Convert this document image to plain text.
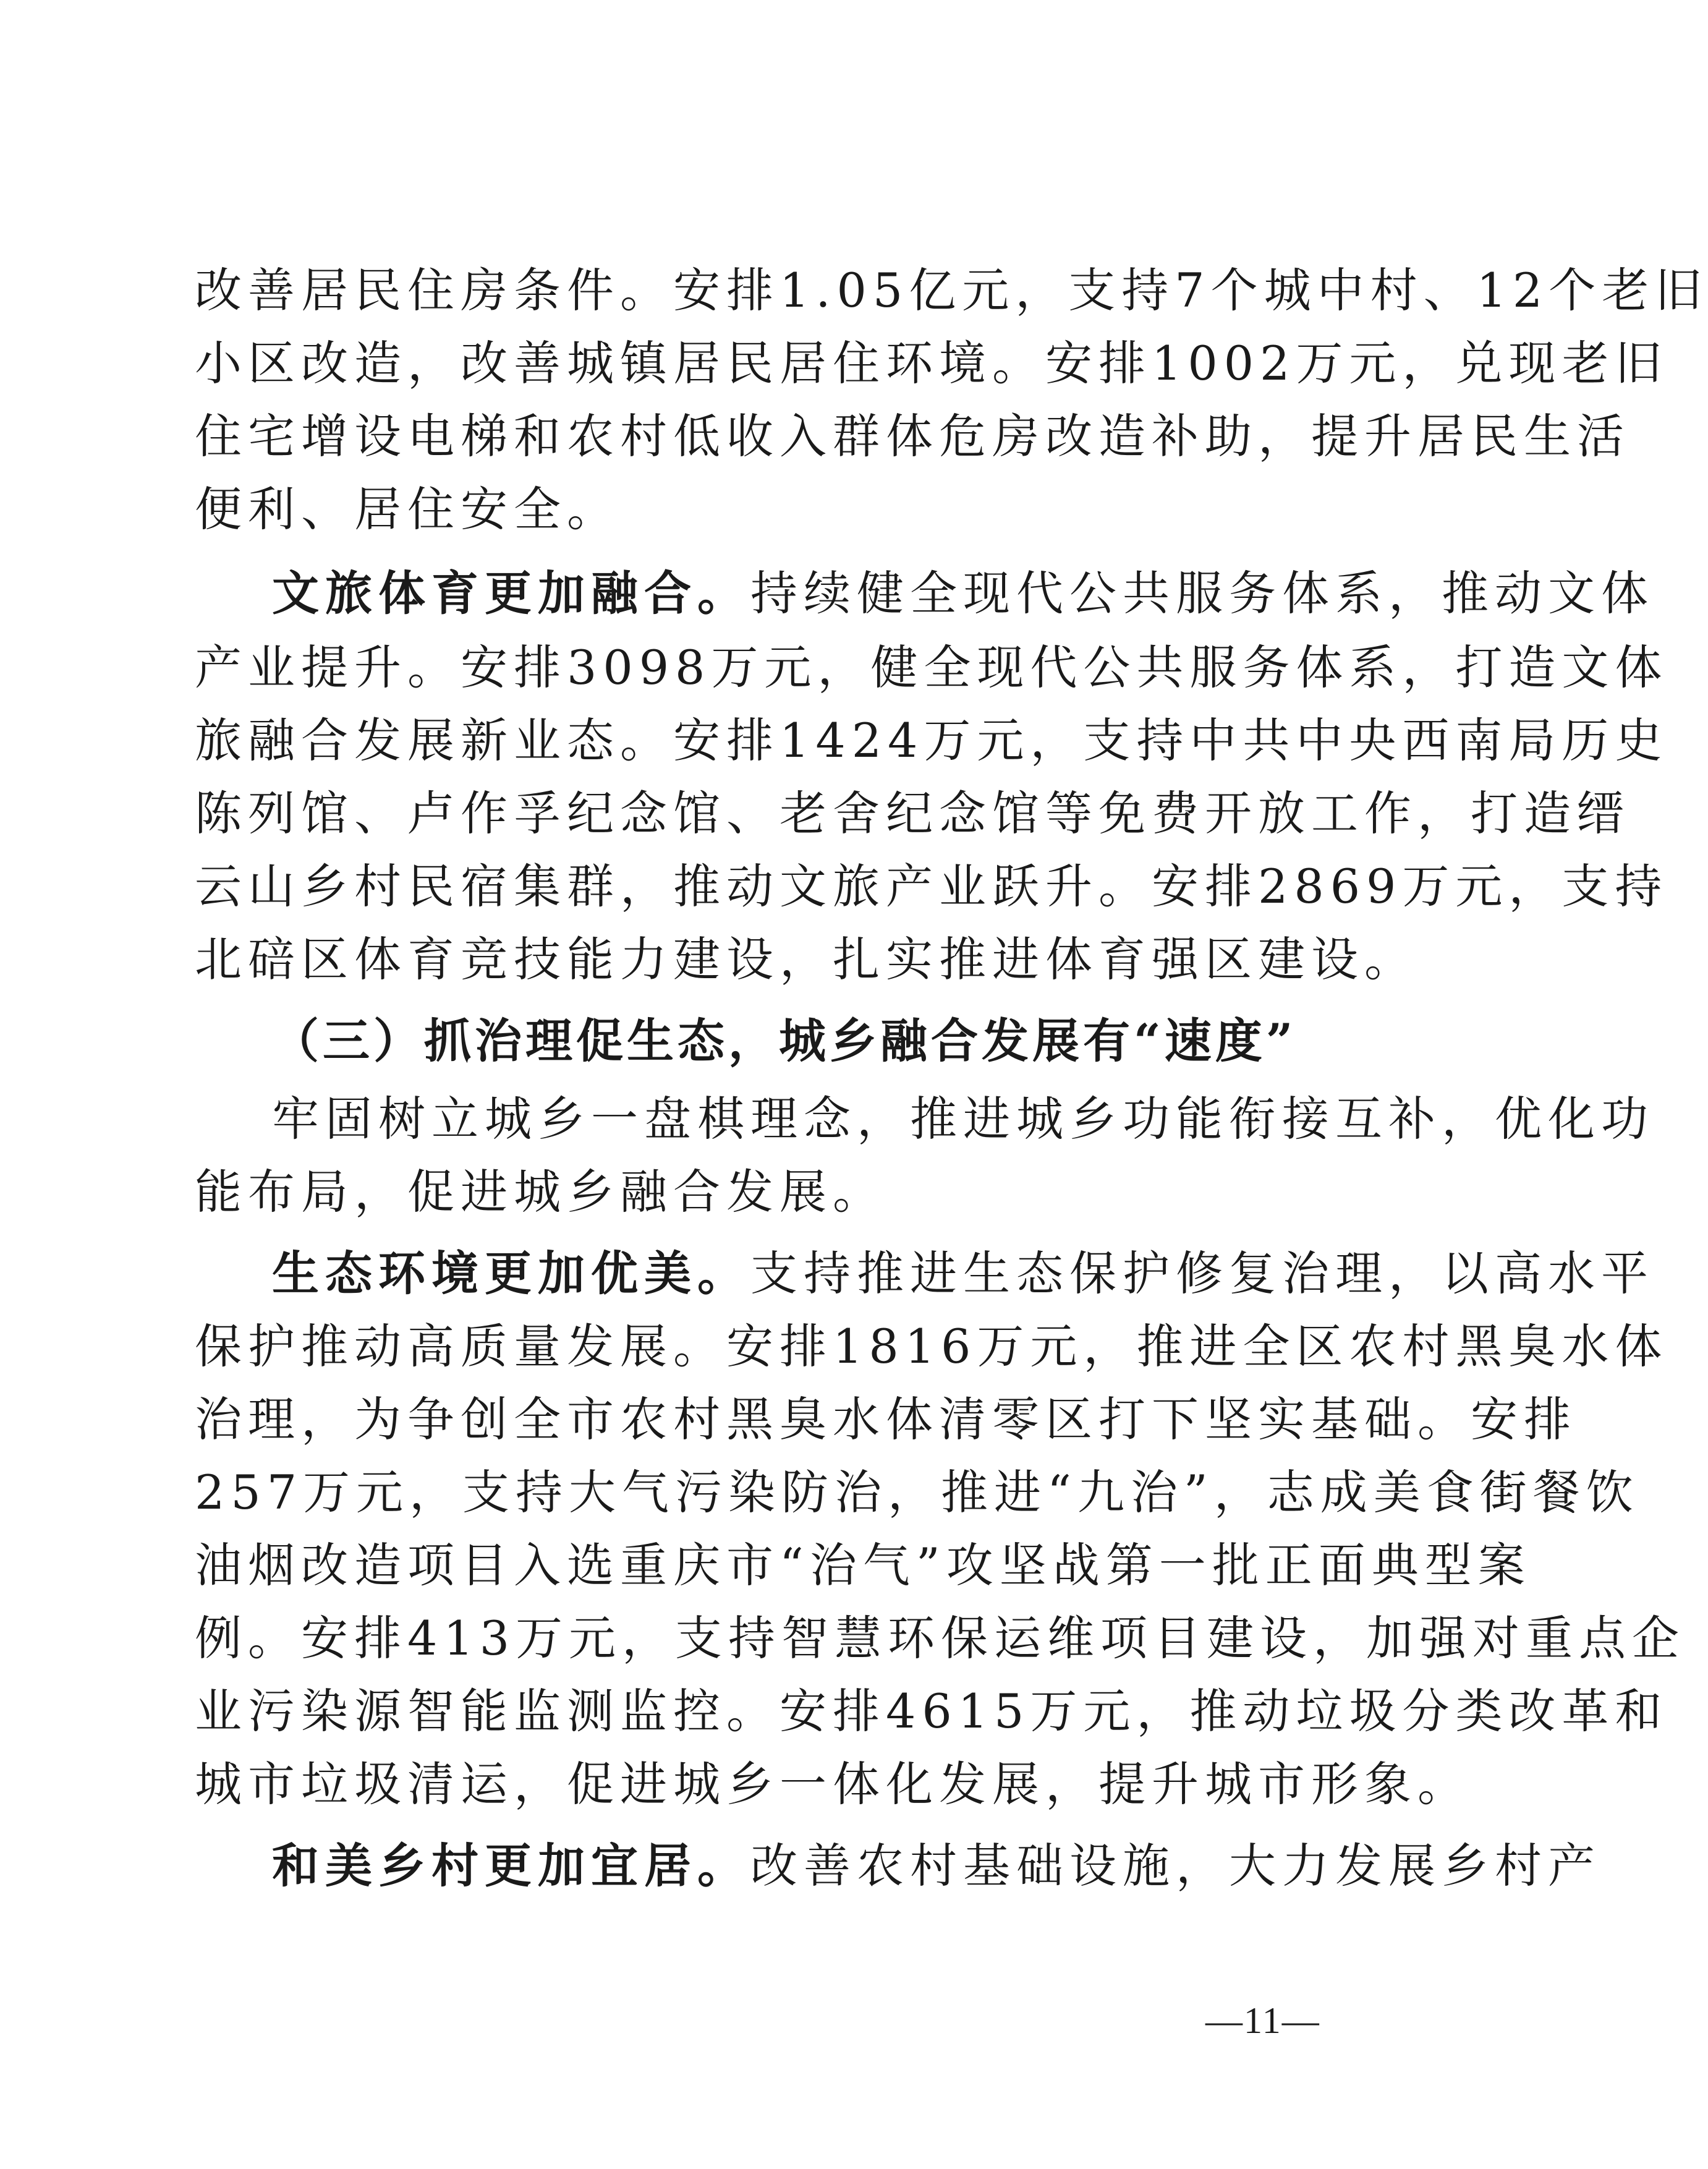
改善居民住房条件。安排1.05亿元，支持7个城中村、12个老旧
小区改造，改善城镇居民居住环境。安排1002万元，兑现老旧
住宅增设电梯和农村低收入群体危房改造补助，提升居民生活
便利、居住安全。
文旅体育更加融合。持续健全现代公共服务体系，推动文体
产业提升。安排3098万元，健全现代公共服务体系，打造文体
旅融合发展新业态。安排1424万元，支持中共中央西南局历史
陈列馆、卢作孚纪念馆、老舍纪念馆等免费开放工作，打造缙
云山乡村民宿集群，推动文旅产业跃升。安排2869万元，支持
北碚区体育竞技能力建设，扎实推进体育强区建设。
（三）抓治理促生态，城乡融合发展有“速度”
牢固树立城乡一盘棋理念，推进城乡功能衔接互补，优化功
能布局，促进城乡融合发展。
生态环境更加优美。支持推进生态保护修复治理，以高水平
保护推动高质量发展。安排1816万元，推进全区农村黑臭水体
治理，为争创全市农村黑臭水体清零区打下坚实基础。安排
257万元，支持大气污染防治，推进“九治”，志成美食街餐饮
油烟改造项目入选重庆市“治气”攻坚战第一批正面典型案
例。安排413万元，支持智慧环保运维项目建设，加强对重点企
业污染源智能监测监控。安排4615万元，推动垃圾分类改革和
城市垃圾清运，促进城乡一体化发展，提升城市形象。
和美乡村更加宜居。改善农村基础设施，大力发展乡村产
—11—
